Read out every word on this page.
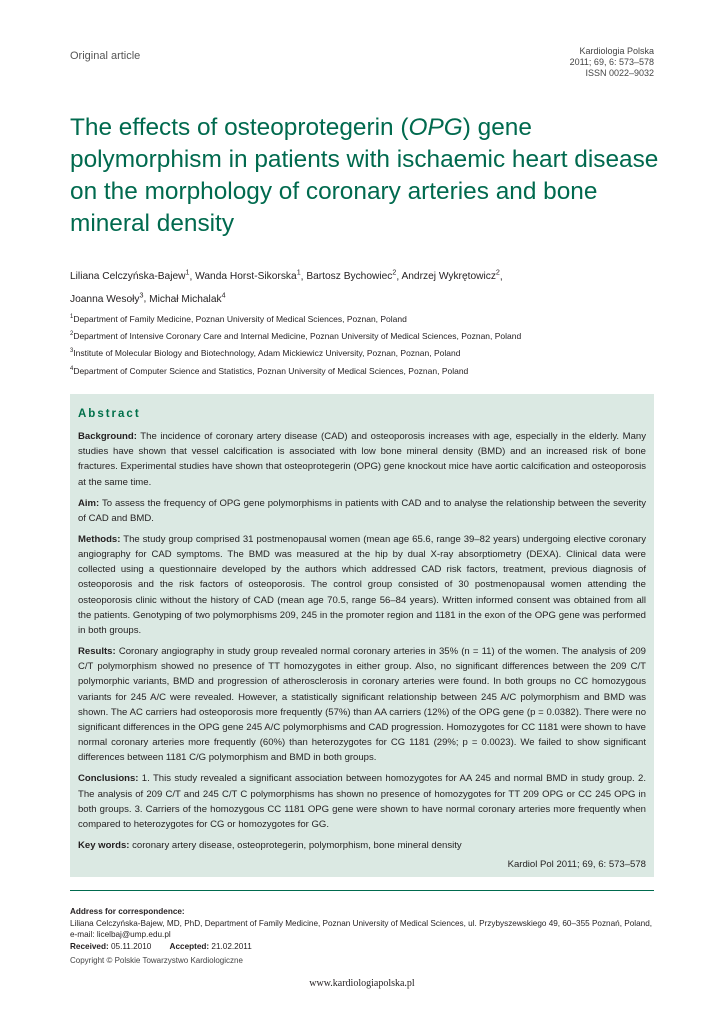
Original article	Kardiologia Polska
2011; 69, 6: 573–578
ISSN 0022–9032
The effects of osteoprotegerin (OPG) gene polymorphism in patients with ischaemic heart disease on the morphology of coronary arteries and bone mineral density
Liliana Celczyńska-Bajew$^1$, Wanda Horst-Sikorska$^1$, Bartosz Bychowiec$^2$, Andrzej Wykrętowicz$^2$,
Joanna Wesoły$^3$, Michał Michalak$^4$
$^1$Department of Family Medicine, Poznan University of Medical Sciences, Poznan, Poland
$^2$Department of Intensive Coronary Care and Internal Medicine, Poznan University of Medical Sciences, Poznan, Poland
$^3$Institute of Molecular Biology and Biotechnology, Adam Mickiewicz University, Poznan, Poznan, Poland
$^4$Department of Computer Science and Statistics, Poznan University of Medical Sciences, Poznan, Poland
Abstract

Background: The incidence of coronary artery disease (CAD) and osteoporosis increases with age, especially in the elderly. Many studies have shown that vessel calcification is associated with low bone mineral density (BMD) and an increased risk of bone fractures. Experimental studies have shown that osteoprotegerin (OPG) gene knockout mice have aortic calcification and osteoporosis at the same time.

Aim: To assess the frequency of OPG gene polymorphisms in patients with CAD and to analyse the relationship between the severity of CAD and BMD.

Methods: The study group comprised 31 postmenopausal women (mean age 65.6, range 39–82 years) undergoing elective coronary angiography for CAD symptoms. The BMD was measured at the hip by dual X-ray absorptiometry (DEXA). Clinical data were collected using a questionnaire developed by the authors which addressed CAD risk factors, treatment, previous diagnosis of osteoporosis and the risk factors of osteoporosis. The control group consisted of 30 postmenopausal women attending the osteoporosis clinic without the history of CAD (mean age 70.5, range 56–84 years). Written informed consent was obtained from all the patients. Genotyping of two polymorphisms 209, 245 in the promoter region and 1181 in the exon of the OPG gene was performed in both groups.

Results: Coronary angiography in study group revealed normal coronary arteries in 35% (n = 11) of the women. The analysis of 209 C/T polymorphism showed no presence of TT homozygotes in either group. Also, no significant differences between the 209 C/T polymorphic variants, BMD and progression of atherosclerosis in coronary arteries were found. In both groups no CC homozygous variants for 245 A/C were revealed. However, a statistically significant relationship between 245 A/C polymorphism and BMD was shown. The AC carriers had osteoporosis more frequently (57%) than AA carriers (12%) of the OPG gene (p = 0.0382). There were no significant differences in the OPG gene 245 A/C polymorphisms and CAD progression. Homozygotes for CC 1181 were shown to have normal coronary arteries more frequently (60%) than heterozygotes for CG 1181 (29%; p = 0.0023). We failed to show significant differences between 1181 C/G polymorphism and BMD in both groups.

Conclusions: 1. This study revealed a significant association between homozygotes for AA 245 and normal BMD in study group. 2. The analysis of 209 C/T and 245 C/T C polymorphisms has shown no presence of homozygotes for TT 209 OPG or CC 245 OPG in both groups. 3. Carriers of the homozygous CC 1181 OPG gene were shown to have normal coronary arteries more frequently when compared to heterozygotes for CG or homozygotes for GG.

Key words: coronary artery disease, osteoprotegerin, polymorphism, bone mineral density

Kardiol Pol 2011; 69, 6: 573–578
Address for correspondence:
Liliana Celczyńska-Bajew, MD, PhD, Department of Family Medicine, Poznan University of Medical Sciences, ul. Przybyszewskiego 49, 60–355 Poznań, Poland, e-mail: licelbaj@ump.edu.pl
Received: 05.11.2010 Accepted: 21.02.2011
Copyright © Polskie Towarzystwo Kardiologiczne
www.kardiologiapolska.pl
